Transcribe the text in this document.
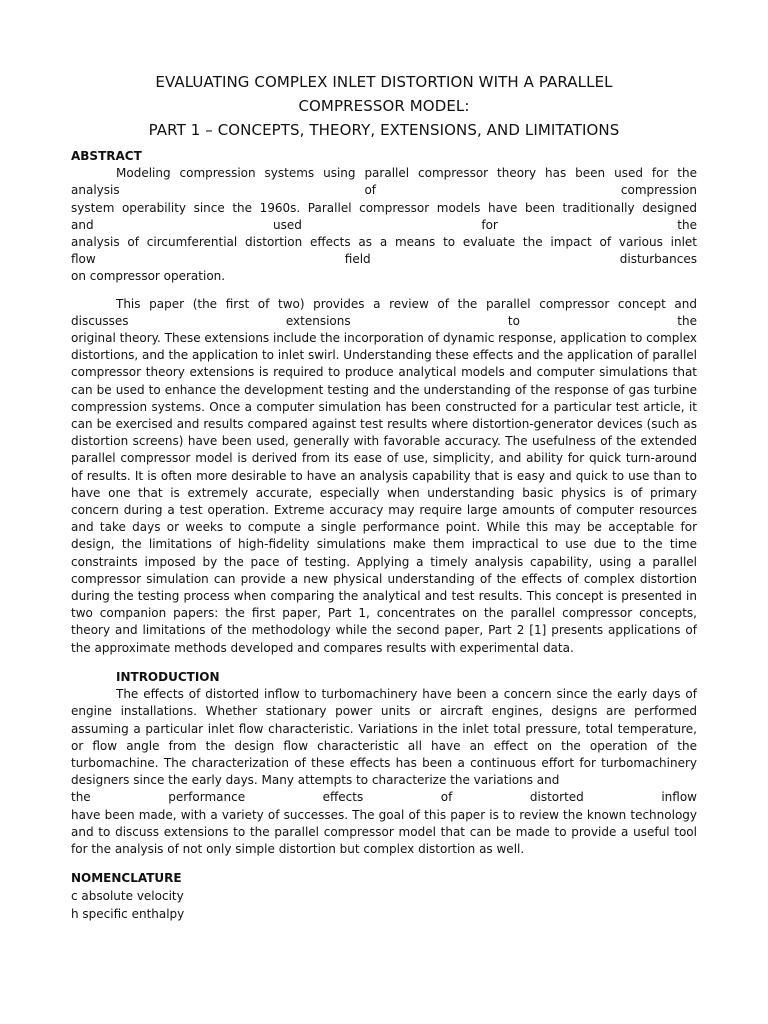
EVALUATING COMPLEX INLET DISTORTION WITH A PARALLEL
COMPRESSOR MODEL:
PART 1 – CONCEPTS, THEORY, EXTENSIONS, AND LIMITATIONS
ABSTRACT

Modeling compression systems using parallel compressor theory has been used for the

analysis of compression

system operability since the 1960s. Parallel compressor models have been traditionally designed

and used for the

analysis of circumferential distortion effects as a means to evaluate the impact of various inlet

flow field disturbances

on compressor operation.

This paper (the first of two) provides a review of the parallel compressor concept and

discusses extensions to the

original theory. These extensions include the incorporation of dynamic response, application to complex distortions, and the application to inlet swirl. Understanding these effects and the application of parallel compressor theory extensions is required to produce analytical models and computer simulations that can be used to enhance the development testing and the understanding of the response of gas turbine compression systems. Once a computer simulation has been constructed for a particular test article, it can be exercised and results compared against test results where distortion-generator devices (such as distortion screens) have been used, generally with favorable accuracy. The usefulness of the extended parallel compressor model is derived from its ease of use, simplicity, and ability for quick turn-around of results. It is often more desirable to have an analysis capability that is easy and quick to use than to have one that is extremely accurate, especially when understanding basic physics is of primary concern during a test operation. Extreme accuracy may require large amounts of computer resources and take days or weeks to compute a single performance point. While this may be acceptable for design, the limitations of high-fidelity simulations make them impractical to use due to the time constraints imposed by the pace of testing. Applying a timely analysis capability, using a parallel compressor simulation can provide a new physical understanding of the effects of complex distortion during the testing process when comparing the analytical and test results. This concept is presented in two companion papers: the first paper, Part 1, concentrates on the parallel compressor concepts, theory and limitations of the methodology while the second paper, Part 2 [1] presents applications of the approximate methods developed and compares results with experimental data.

INTRODUCTION

The effects of distorted inflow to turbomachinery have been a concern since the early days of engine installations. Whether stationary power units or aircraft engines, designs are performed assuming a particular inlet flow characteristic. Variations in the inlet total pressure, total temperature, or flow angle from the design flow characteristic all have an effect on the operation of the turbomachine. The characterization of these effects has been a continuous effort for turbomachinery designers since the early days. Many attempts to characterize the variations and

the performance effects of distorted inflow

have been made, with a variety of successes. The goal of this paper is to review the known technology and to discuss extensions to the parallel compressor model that can be made to provide a useful tool for the analysis of not only simple distortion but complex distortion as well.

NOMENCLATURE

c absolute velocity

h specific enthalpy
